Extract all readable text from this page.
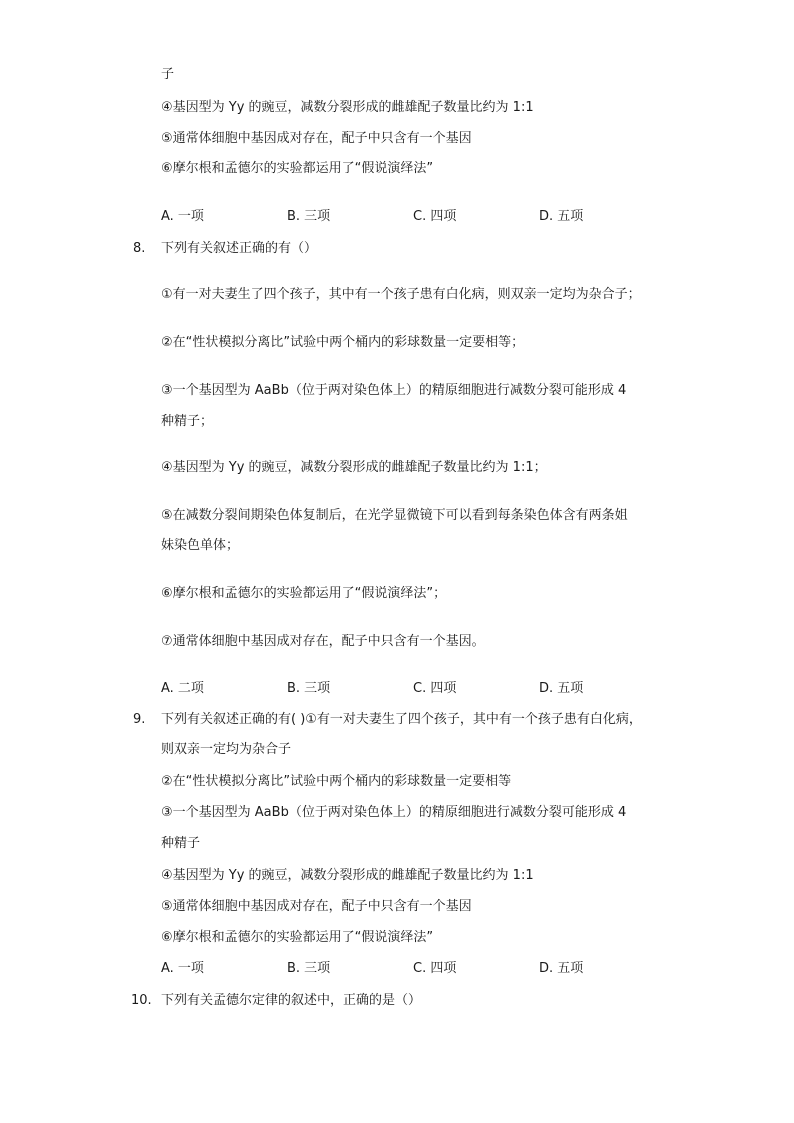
子
④基因型为 Yy 的豌豆，减数分裂形成的雌雄配子数量比约为 1:1
⑤通常体细胞中基因成对存在，配子中只含有一个基因
⑥摩尔根和孟德尔的实验都运用了“假说演绎法”
A. 一项	B. 三项	C. 四项	D. 五项
8. 下列有关叙述正确的有（）
①有一对夫妻生了四个孩子，其中有一个孩子患有白化病，则双亲一定均为杂合子；
②在“性状模拟分离比”试验中两个桶内的彩球数量一定要相等；
③一个基因型为 AaBb（位于两对染色体上）的精原细胞进行减数分裂可能形成 4
种精子；
④基因型为 Yy 的豌豆，减数分裂形成的雌雄配子数量比约为 1:1；
⑤在减数分裂间期染色体复制后，在光学显微镜下可以看到每条染色体含有两条姐
妹染色单体；
⑥摩尔根和孟德尔的实验都运用了“假说演绎法”；
⑦通常体细胞中基因成对存在，配子中只含有一个基因。
A. 二项	B. 三项	C. 四项	D. 五项
9. 下列有关叙述正确的有( )①有一对夫妻生了四个孩子，其中有一个孩子患有白化病，
则双亲一定均为杂合子
②在“性状模拟分离比”试验中两个桶内的彩球数量一定要相等
③一个基因型为 AaBb（位于两对染色体上）的精原细胞进行减数分裂可能形成 4
种精子
④基因型为 Yy 的豌豆，减数分裂形成的雌雄配子数量比约为 1:1
⑤通常体细胞中基因成对存在，配子中只含有一个基因
⑥摩尔根和孟德尔的实验都运用了“假说演绎法”
A. 一项	B. 三项	C. 四项	D. 五项
10. 下列有关孟德尔定律的叙述中，正确的是（）
